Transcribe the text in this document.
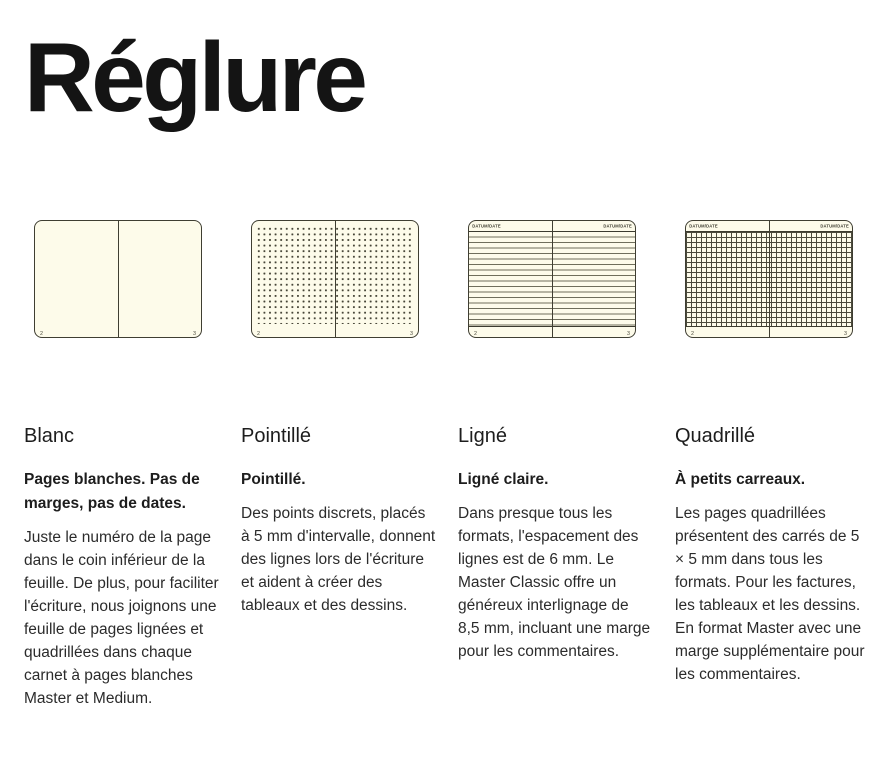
Réglure
2	3
Blanc

Pages blanches. Pas de marges, pas de dates.

Juste le numéro de la page dans le coin inférieur de la feuille. De plus, pour faciliter l'écriture, nous joignons une feuille de pages lignées et quadrillées dans chaque carnet à pages blanches Master et Medium.

2	3
Pointillé

Pointillé.

Des points discrets, placés à 5 mm d'intervalle, donnent des lignes lors de l'écriture et aident à créer des tableaux et des dessins.

DATUM/DATE	DATUM/DATE
2	3
Ligné

Ligné claire.

Dans presque tous les formats, l'espacement des lignes est de 6 mm. Le Master Classic offre un généreux interlignage de 8,5 mm, incluant une marge pour les commentaires.

DATUM/DATE	DATUM/DATE
2	3
Quadrillé

À petits carreaux.

Les pages quadrillées présentent des carrés de 5 × 5 mm dans tous les formats. Pour les factures, les tableaux et les dessins. En format Master avec une marge supplémentaire pour les commentaires.
